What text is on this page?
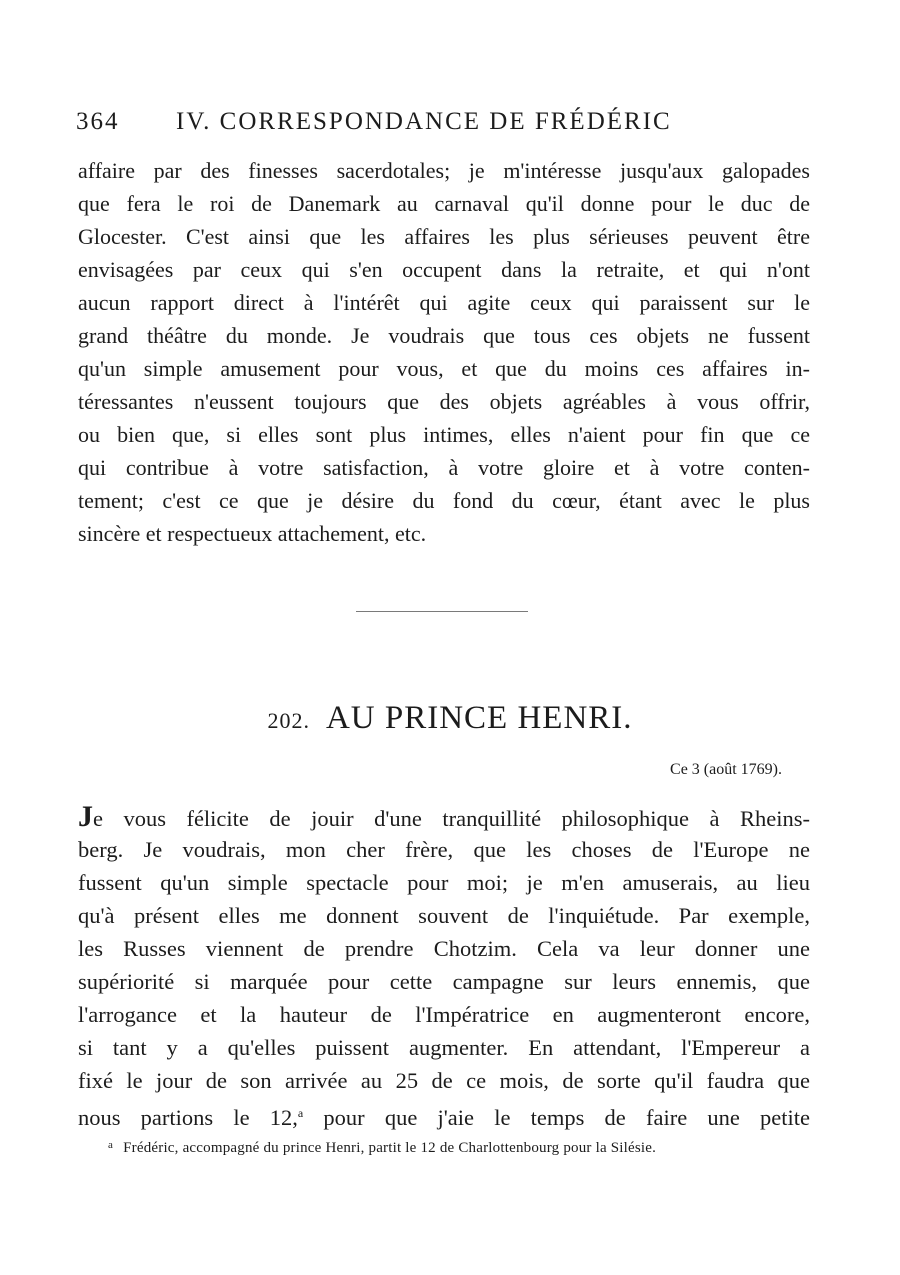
364 IV. CORRESPONDANCE DE FRÉDÉRIC
affaire par des finesses sacerdotales; je m'intéresse jusqu'aux galopades
que fera le roi de Danemark au carnaval qu'il donne pour le duc de
Glocester. C'est ainsi que les affaires les plus sérieuses peuvent être
envisagées par ceux qui s'en occupent dans la retraite, et qui n'ont
aucun rapport direct à l'intérêt qui agite ceux qui paraissent sur le
grand théâtre du monde. Je voudrais que tous ces objets ne fussent
qu'un simple amusement pour vous, et que du moins ces affaires in-
téressantes n'eussent toujours que des objets agréables à vous offrir,
ou bien que, si elles sont plus intimes, elles n'aient pour fin que ce
qui contribue à votre satisfaction, à votre gloire et à votre conten-
tement; c'est ce que je désire du fond du cœur, étant avec le plus
sincère et respectueux attachement, etc.
202. AU PRINCE HENRI.
Ce 3 (août 1769).
Je vous félicite de jouir d'une tranquillité philosophique à Rheins-
berg. Je voudrais, mon cher frère, que les choses de l'Europe ne
fussent qu'un simple spectacle pour moi; je m'en amuserais, au lieu
qu'à présent elles me donnent souvent de l'inquiétude. Par exemple,
les Russes viennent de prendre Chotzim. Cela va leur donner une
supériorité si marquée pour cette campagne sur leurs ennemis, que
l'arrogance et la hauteur de l'Impératrice en augmenteront encore,
si tant y a qu'elles puissent augmenter. En attendant, l'Empereur a
fixé le jour de son arrivée au 25 de ce mois, de sorte qu'il faudra que
nous partions le 12,$^a$ pour que j'aie le temps de faire une petite
$^a$ Frédéric, accompagné du prince Henri, partit le 12 de Charlottenbourg pour la Silésie.
